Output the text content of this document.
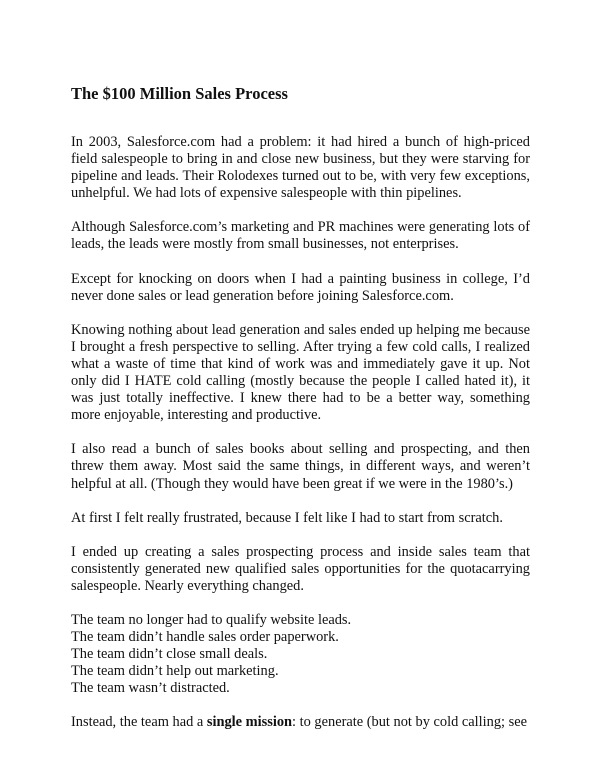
The $100 Million Sales Process

In 2003, Salesforce.com had a problem: it had hired a bunch of high-priced field salespeople to bring in and close new business, but they were starving for pipeline and leads. Their Rolodexes turned out to be, with very few exceptions, unhelpful. We had lots of expensive salespeople with thin pipelines.

Although Salesforce.com’s marketing and PR machines were generating lots of leads, the leads were mostly from small businesses, not enterprises.

Except for knocking on doors when I had a painting business in college, I’d never done sales or lead generation before joining Salesforce.com.

Knowing nothing about lead generation and sales ended up helping me because I brought a fresh perspective to selling. After trying a few cold calls, I realized what a waste of time that kind of work was and immediately gave it up. Not only did I HATE cold calling (mostly because the people I called hated it), it was just totally ineffective. I knew there had to be a better way, something more enjoyable, interesting and productive.

I also read a bunch of sales books about selling and prospecting, and then threw them away. Most said the same things, in different ways, and weren’t helpful at all. (Though they would have been great if we were in the 1980’s.)

At first I felt really frustrated, because I felt like I had to start from scratch.

I ended up creating a sales prospecting process and inside sales team that consistently generated new qualified sales opportunities for the quotacarrying salespeople. Nearly everything changed.

The team no longer had to qualify website leads.
The team didn’t handle sales order paperwork.
The team didn’t close small deals.
The team didn’t help out marketing.
The team wasn’t distracted.

Instead, the team had a single mission: to generate (but not by cold calling; see
